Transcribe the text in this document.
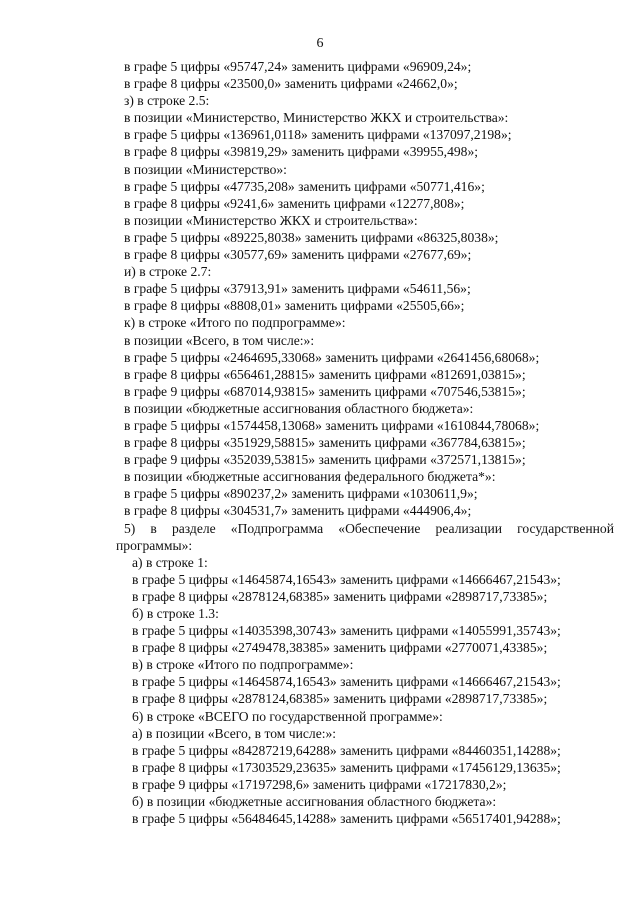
6
в графе 5 цифры «95747,24» заменить цифрами «96909,24»;
в графе 8 цифры «23500,0» заменить цифрами «24662,0»;
з) в строке 2.5:
в позиции «Министерство, Министерство ЖКХ и строительства»:
в графе 5 цифры «136961,0118» заменить цифрами «137097,2198»;
в графе 8 цифры «39819,29» заменить цифрами «39955,498»;
в позиции «Министерство»:
в графе 5 цифры «47735,208» заменить цифрами «50771,416»;
в графе 8 цифры «9241,6» заменить цифрами «12277,808»;
в позиции «Министерство ЖКХ и строительства»:
в графе 5 цифры «89225,8038» заменить цифрами «86325,8038»;
в графе 8 цифры «30577,69» заменить цифрами «27677,69»;
и) в строке 2.7:
в графе 5 цифры «37913,91» заменить цифрами «54611,56»;
в графе 8 цифры «8808,01» заменить цифрами «25505,66»;
к) в строке «Итого по подпрограмме»:
в позиции «Всего, в том числе:»:
в графе 5 цифры «2464695,33068» заменить цифрами «2641456,68068»;
в графе 8 цифры «656461,28815» заменить цифрами «812691,03815»;
в графе 9 цифры «687014,93815» заменить цифрами «707546,53815»;
в позиции «бюджетные ассигнования областного бюджета»:
в графе 5 цифры «1574458,13068» заменить цифрами «1610844,78068»;
в графе 8 цифры «351929,58815» заменить цифрами «367784,63815»;
в графе 9 цифры «352039,53815» заменить цифрами «372571,13815»;
в позиции «бюджетные ассигнования федерального бюджета*»:
в графе 5 цифры «890237,2» заменить цифрами «1030611,9»;
в графе 8 цифры «304531,7» заменить цифрами «444906,4»;
5) в разделе «Подпрограмма «Обеспечение реализации государственной программы»:
а) в строке 1:
в графе 5 цифры «14645874,16543» заменить цифрами «14666467,21543»;
в графе 8 цифры «2878124,68385» заменить цифрами «2898717,73385»;
б) в строке 1.3:
в графе 5 цифры «14035398,30743» заменить цифрами «14055991,35743»;
в графе 8 цифры «2749478,38385» заменить цифрами «2770071,43385»;
в) в строке «Итого по подпрограмме»:
в графе 5 цифры «14645874,16543» заменить цифрами «14666467,21543»;
в графе 8 цифры «2878124,68385» заменить цифрами «2898717,73385»;
6) в строке «ВСЕГО по государственной программе»:
а) в позиции «Всего, в том числе:»:
в графе 5 цифры «84287219,64288» заменить цифрами «84460351,14288»;
в графе 8 цифры «17303529,23635» заменить цифрами «17456129,13635»;
в графе 9 цифры «17197298,6» заменить цифрами «17217830,2»;
б) в позиции «бюджетные ассигнования областного бюджета»:
в графе 5 цифры «56484645,14288» заменить цифрами «56517401,94288»;
